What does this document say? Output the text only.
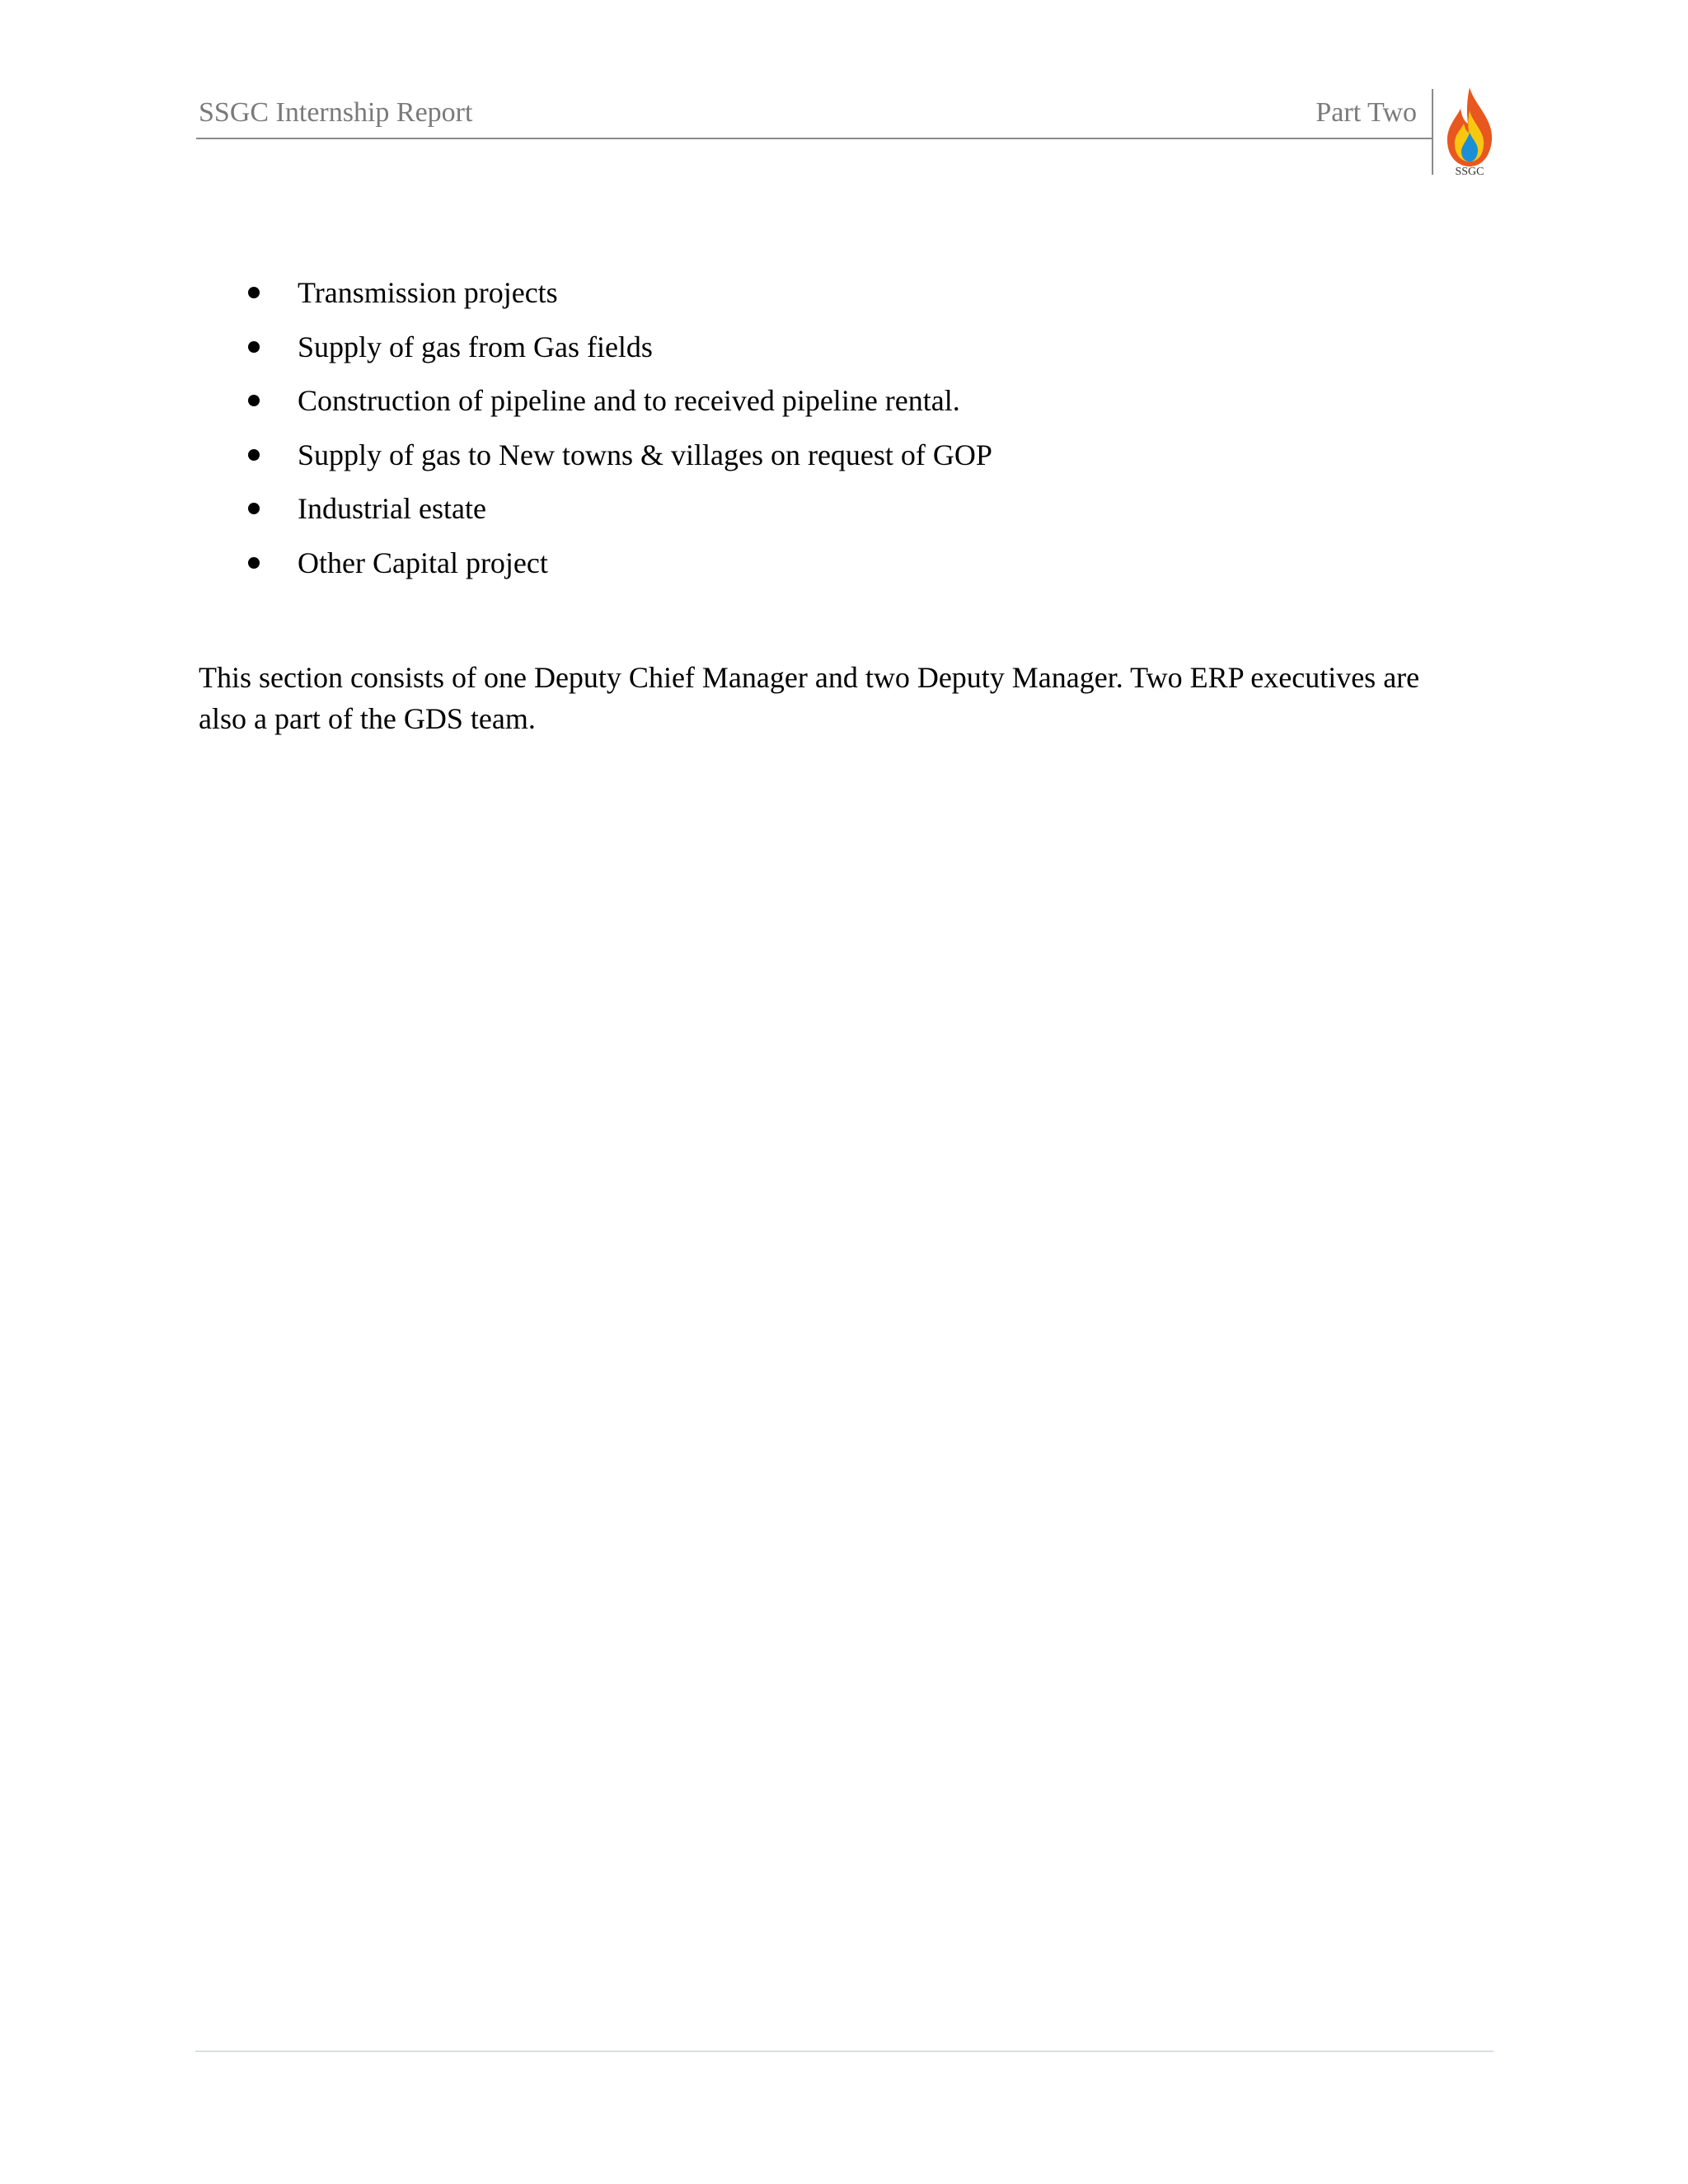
SSGC Internship Report	Part Two
SSGC
Transmission projects
Supply of gas from Gas fields
Construction of pipeline and to received pipeline rental.
Supply of gas to New towns & villages on request of GOP
Industrial estate
Other Capital project

This section consists of one Deputy Chief Manager and two Deputy Manager. Two ERP executives are also a part of the GDS team.
